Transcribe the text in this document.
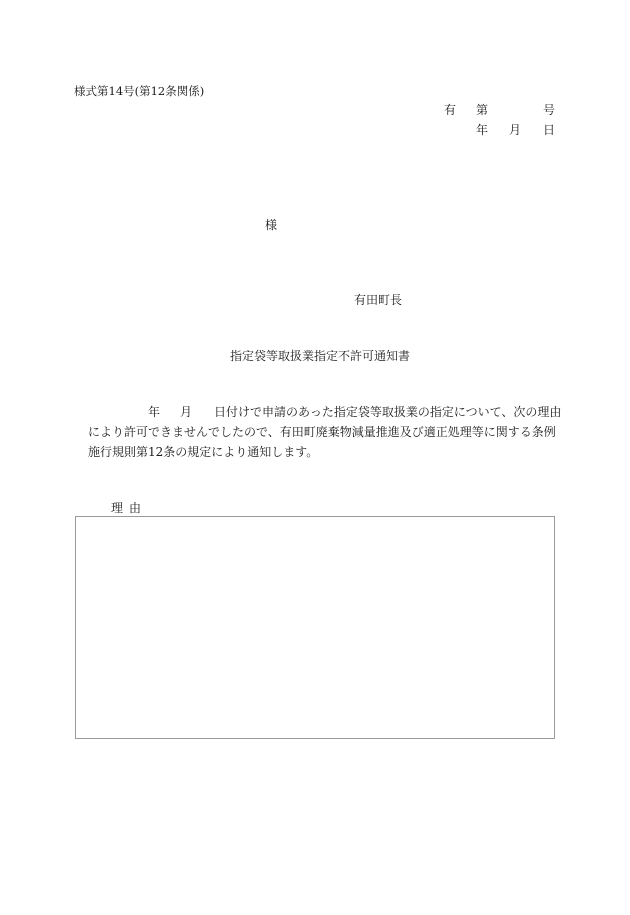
様式第14号(第12条関係)
有 第	号
年 月 日
様
有田町長
指定袋等取扱業指定不許可通知書
年 月 日付けで申請のあった指定袋等取扱業の指定について、次の理由
により許可できませんでしたので、有田町廃棄物減量推進及び適正処理等に関する条例
施行規則第12条の規定により通知します。
理由
